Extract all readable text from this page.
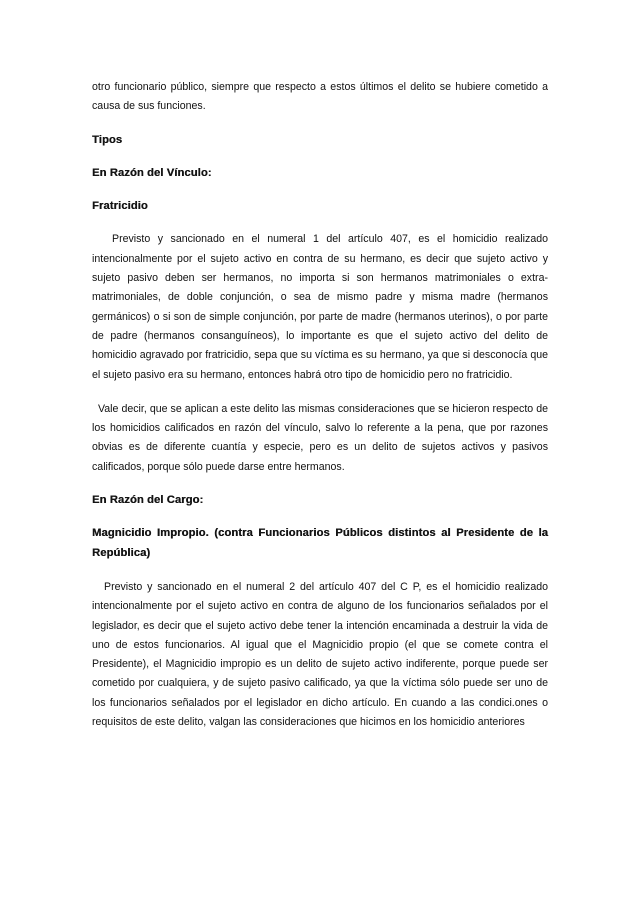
otro funcionario público, siempre que respecto a estos últimos el delito se hubiere cometido a causa de sus funciones.

Tipos

En Razón del Vínculo:

Fratricidio

Previsto y sancionado en el numeral 1 del artículo 407, es el homicidio realizado intencionalmente por el sujeto activo en contra de su hermano, es decir que sujeto activo y sujeto pasivo deben ser hermanos, no importa si son hermanos matrimoniales o extra-matrimoniales, de doble conjunción, o sea de mismo padre y misma madre (hermanos germánicos) o si son de simple conjunción, por parte de madre (hermanos uterinos), o por parte de padre (hermanos consanguíneos), lo importante es que el sujeto activo del delito de homicidio agravado por fratricidio, sepa que su víctima es su hermano, ya que si desconocía que el sujeto pasivo era su hermano, entonces habrá otro tipo de homicidio pero no fratricidio.

Vale decir, que se aplican a este delito las mismas consideraciones que se hicieron respecto de los homicidios calificados en razón del vínculo, salvo lo referente a la pena, que por razones obvias es de diferente cuantía y especie, pero es un delito de sujetos activos y pasivos calificados, porque sólo puede darse entre hermanos.

En Razón del Cargo:

Magnicidio Impropio. (contra Funcionarios Públicos distintos al Presidente de la República)

Previsto y sancionado en el numeral 2 del artículo 407 del C P, es el homicidio realizado intencionalmente por el sujeto activo en contra de alguno de los funcionarios señalados por el legislador, es decir que el sujeto activo debe tener la intención encaminada a destruir la vida de uno de estos funcionarios. Al igual que el Magnicidio propio (el que se comete contra el Presidente), el Magnicidio impropio es un delito de sujeto activo indiferente, porque puede ser cometido por cualquiera, y de sujeto pasivo calificado, ya que la víctima sólo puede ser uno de los funcionarios señalados por el legislador en dicho artículo. En cuando a las condici.ones o requisitos de este delito, valgan las consideraciones que hicimos en los homicidio anteriores
